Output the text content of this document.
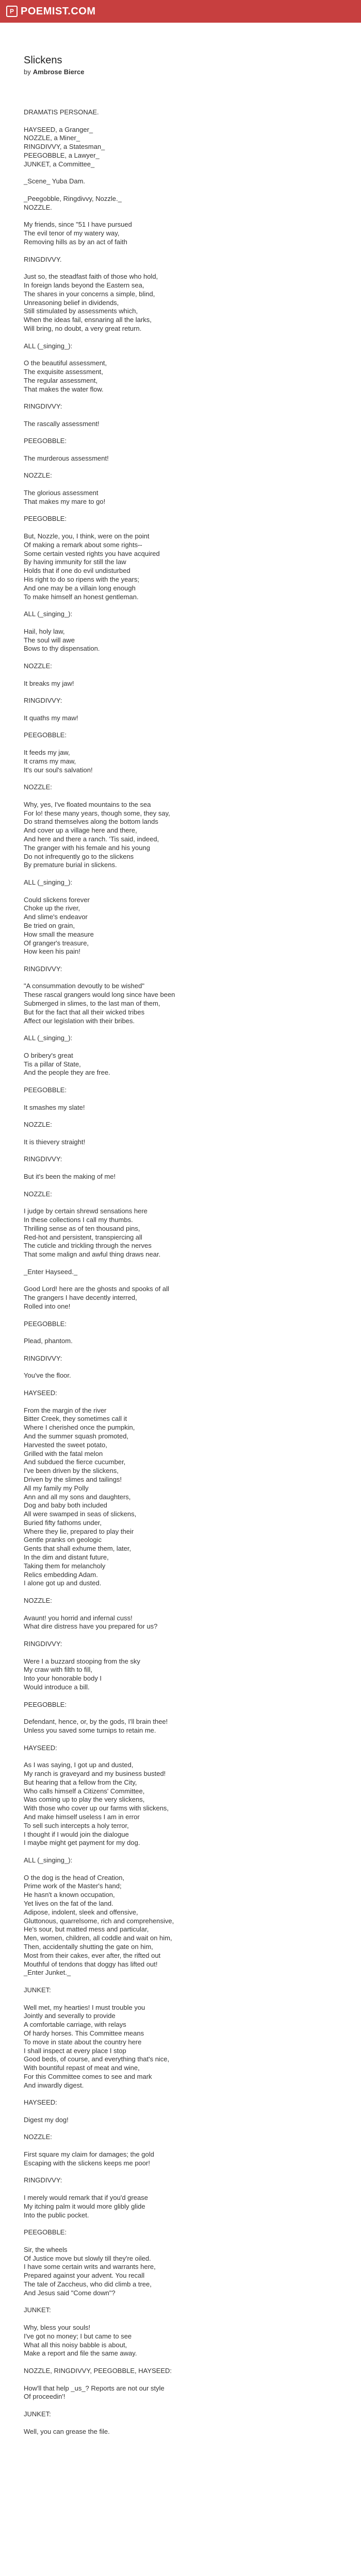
P POEMIST.COM
Slickens

by Ambrose Bierce

DRAMATIS PERSONAE.

HAYSEED, a Granger_
NOZZLE, a Miner_
RINGDIVVY, a Statesman_
PEEGOBBLE, a Lawyer_
JUNKET, a Committee_

_Scene_ Yuba Dam.

_Peegobble, Ringdivvy, Nozzle._
NOZZLE.

My friends, since "51 I have pursued
The evil tenor of my watery way,
Removing hills as by an act of faith

RINGDIVVY.

Just so, the steadfast faith of those who hold,
In foreign lands beyond the Eastern sea,
The shares in your concerns a simple, blind,
Unreasoning belief in dividends,
Still stimulated by assessments which,
When the ideas fail, ensnaring all the larks,
Will bring, no doubt, a very great return.

ALL (_singing_):

O the beautiful assessment,
The exquisite assessment,
The regular assessment,
That makes the water flow.

RINGDIVVY:

The rascally assessment!

PEEGOBBLE:

The murderous assessment!

NOZZLE:

The glorious assessment
That makes my mare to go!

PEEGOBBLE:

But, Nozzle, you, I think, were on the point
Of making a remark about some rights--
Some certain vested rights you have acquired
By having immunity for still the law
Holds that if one do evil undisturbed
His right to do so ripens with the years;
And one may be a villain long enough
To make himself an honest gentleman.

ALL (_singing_):

Hail, holy law,
The soul will awe
Bows to thy dispensation.

NOZZLE:

It breaks my jaw!

RINGDIVVY:

It quaths my maw!

PEEGOBBLE:

It feeds my jaw,
It crams my maw,
It's our soul's salvation!

NOZZLE:

Why, yes, I've floated mountains to the sea
For lo! these many years, though some, they say,
Do strand themselves along the bottom lands
And cover up a village here and there,
And here and there a ranch. 'Tis said, indeed,
The granger with his female and his young
Do not infrequently go to the slickens
By premature burial in slickens.

ALL (_singing_):

Could slickens forever
Choke up the river,
And slime's endeavor
Be tried on grain,
How small the measure
Of granger's treasure,
How keen his pain!

RINGDIVVY:

"A consummation devoutly to be wished"
These rascal grangers would long since have been
Submerged in slimes, to the last man of them,
But for the fact that all their wicked tribes
Affect our legislation with their bribes.

ALL (_singing_):

O bribery's great
Tis a pillar of State,
And the people they are free.

PEEGOBBLE:

It smashes my slate!

NOZZLE:

It is thievery straight!

RINGDIVVY:

But it's been the making of me!

NOZZLE:

I judge by certain shrewd sensations here
In these collections I call my thumbs.
Thrilling sense as of ten thousand pins,
Red-hot and persistent, transpiercing all
The cuticle and trickling through the nerves
That some malign and awful thing draws near.

_Enter Hayseed._

Good Lord! here are the ghosts and spooks of all
The grangers I have decently interred,
Rolled into one!

PEEGOBBLE:

Plead, phantom.

RINGDIVVY:

You've the floor.

HAYSEED:

From the margin of the river
Bitter Creek, they sometimes call it
Where I cherished once the pumpkin,
And the summer squash promoted,
Harvested the sweet potato,
Grilled with the fatal melon
And subdued the fierce cucumber,
I've been driven by the slickens,
Driven by the slimes and tailings!
All my family my Polly
Ann and all my sons and daughters,
Dog and baby both included
All were swamped in seas of slickens,
Buried fifty fathoms under,
Where they lie, prepared to play their
Gentle pranks on geologic
Gents that shall exhume them, later,
In the dim and distant future,
Taking them for melancholy
Relics embedding Adam.
I alone got up and dusted.

NOZZLE:

Avaunt! you horrid and infernal cuss!
What dire distress have you prepared for us?

RINGDIVVY:

Were I a buzzard stooping from the sky
My craw with filth to fill,
Into your honorable body I
Would introduce a bill.

PEEGOBBLE:

Defendant, hence, or, by the gods, I'll brain thee!
Unless you saved some turnips to retain me.

HAYSEED:

As I was saying, I got up and dusted,
My ranch is graveyard and my business busted!
But hearing that a fellow from the City,
Who calls himself a Citizens' Committee,
Was coming up to play the very slickens,
With those who cover up our farms with slickens,
And make himself useless I am in error
To sell such intercepts a holy terror,
I thought if I would join the dialogue
I maybe might get payment for my dog.

ALL (_singing_):

O the dog is the head of Creation,
Prime work of the Master's hand;
He hasn't a known occupation,
Yet lives on the fat of the land.
Adipose, indolent, sleek and offensive,
Gluttonous, quarrelsome, rich and comprehensive,
He's sour, but matted mess and particular,
Men, women, children, all coddle and wait on him,
Then, accidentally shutting the gate on him,
Most from their cakes, ever after, the rifted out
Mouthful of tendons that doggy has lifted out!
_Enter Junket._

JUNKET:

Well met, my hearties! I must trouble you
Jointly and severally to provide
A comfortable carriage, with relays
Of hardy horses. This Committee means
To move in state about the country here
I shall inspect at every place I stop
Good beds, of course, and everything that's nice,
With bountiful repast of meat and wine,
For this Committee comes to see and mark
And inwardly digest.

HAYSEED:

Digest my dog!

NOZZLE:

First square my claim for damages; the gold
Escaping with the slickens keeps me poor!

RINGDIVVY:

I merely would remark that if you'd grease
My itching palm it would more glibly glide
Into the public pocket.

PEEGOBBLE:

Sir, the wheels
Of Justice move but slowly till they're oiled.
I have some certain writs and warrants here,
Prepared against your advent. You recall
The tale of Zaccheus, who did climb a tree,
And Jesus said "Come down"?

JUNKET:

Why, bless your souls!
I've got no money; I but came to see
What all this noisy babble is about,
Make a report and file the same away.

NOZZLE, RINGDIVVY, PEEGOBBLE, HAYSEED:

How'll that help _us_? Reports are not our style
Of proceedin'!

JUNKET:

Well, you can grease the file.
